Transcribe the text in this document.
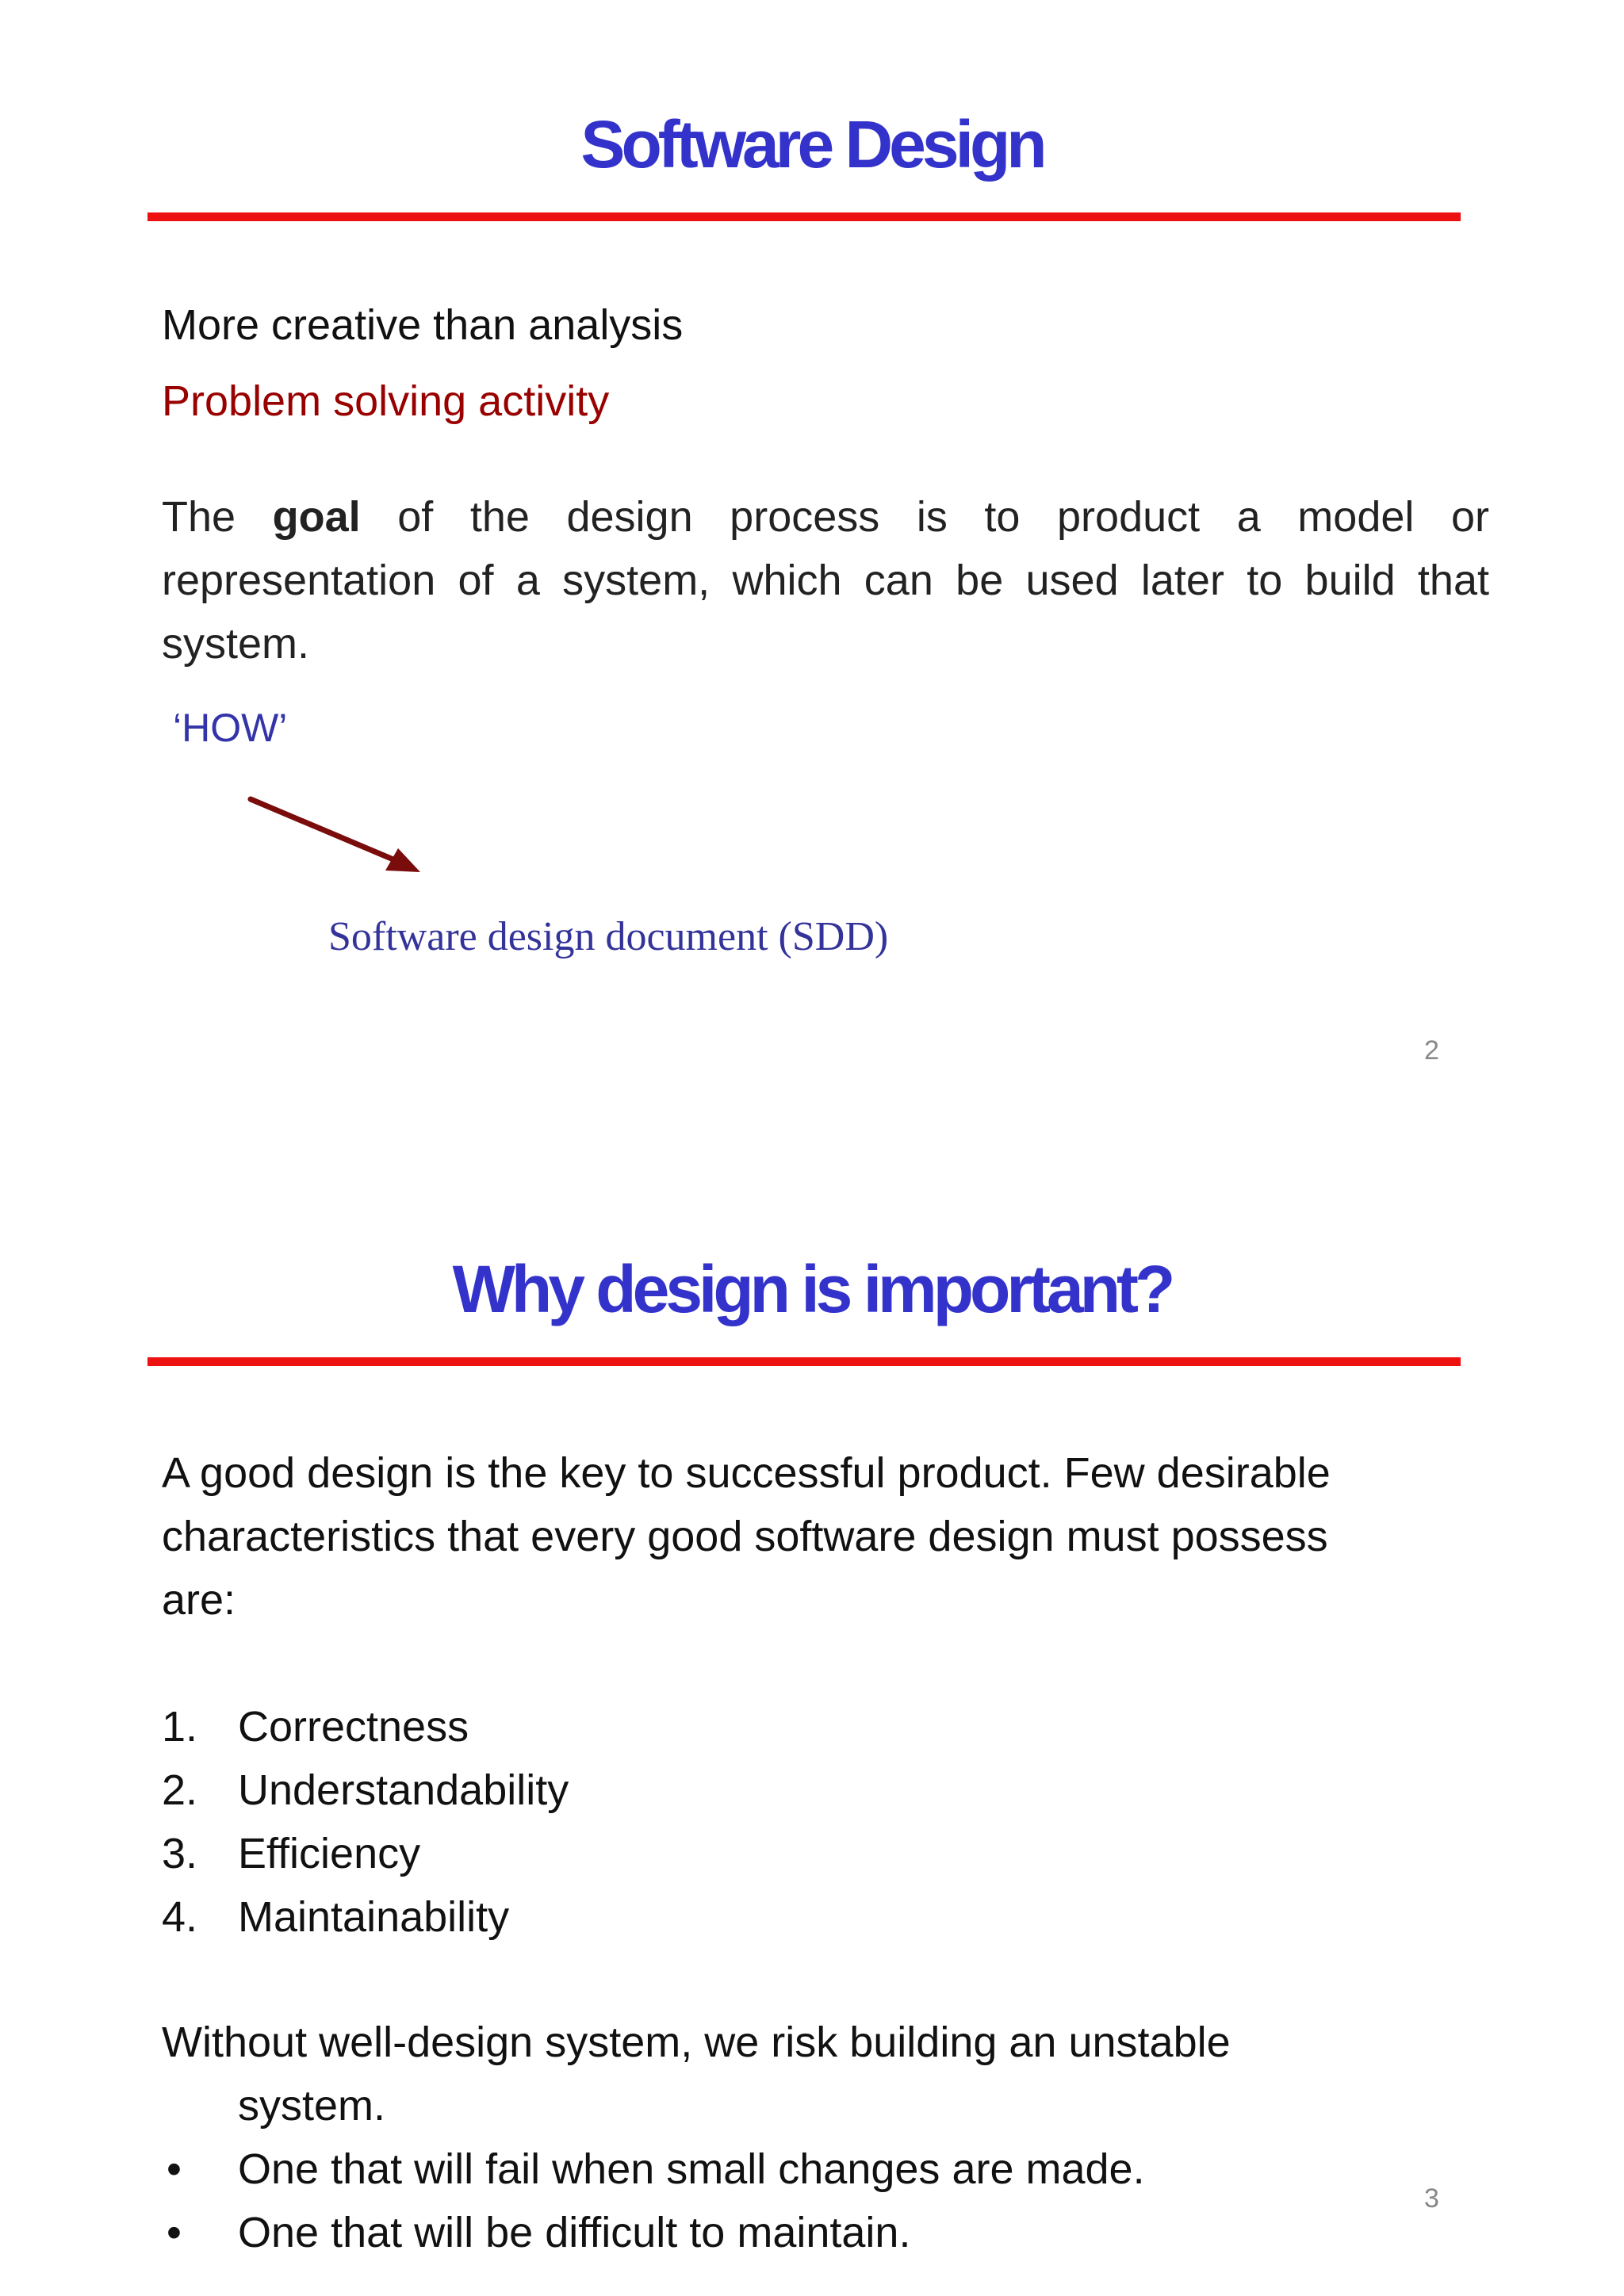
Software Design
More creative than analysis
Problem solving activity
The goal of the design process is to product a model or representation of a system, which can be used later to build that system.
‘HOW’
Software design document (SDD)
2
Why design is important?
A good design is the key to successful product. Few desirable
characteristics that every good software design must possess
are:
1. Correctness
2. Understandability
3. Efficiency
4. Maintainability
Without well-design system, we risk building an unstable
system.
• One that will fail when small changes are made.
• One that will be difficult to maintain.
3
